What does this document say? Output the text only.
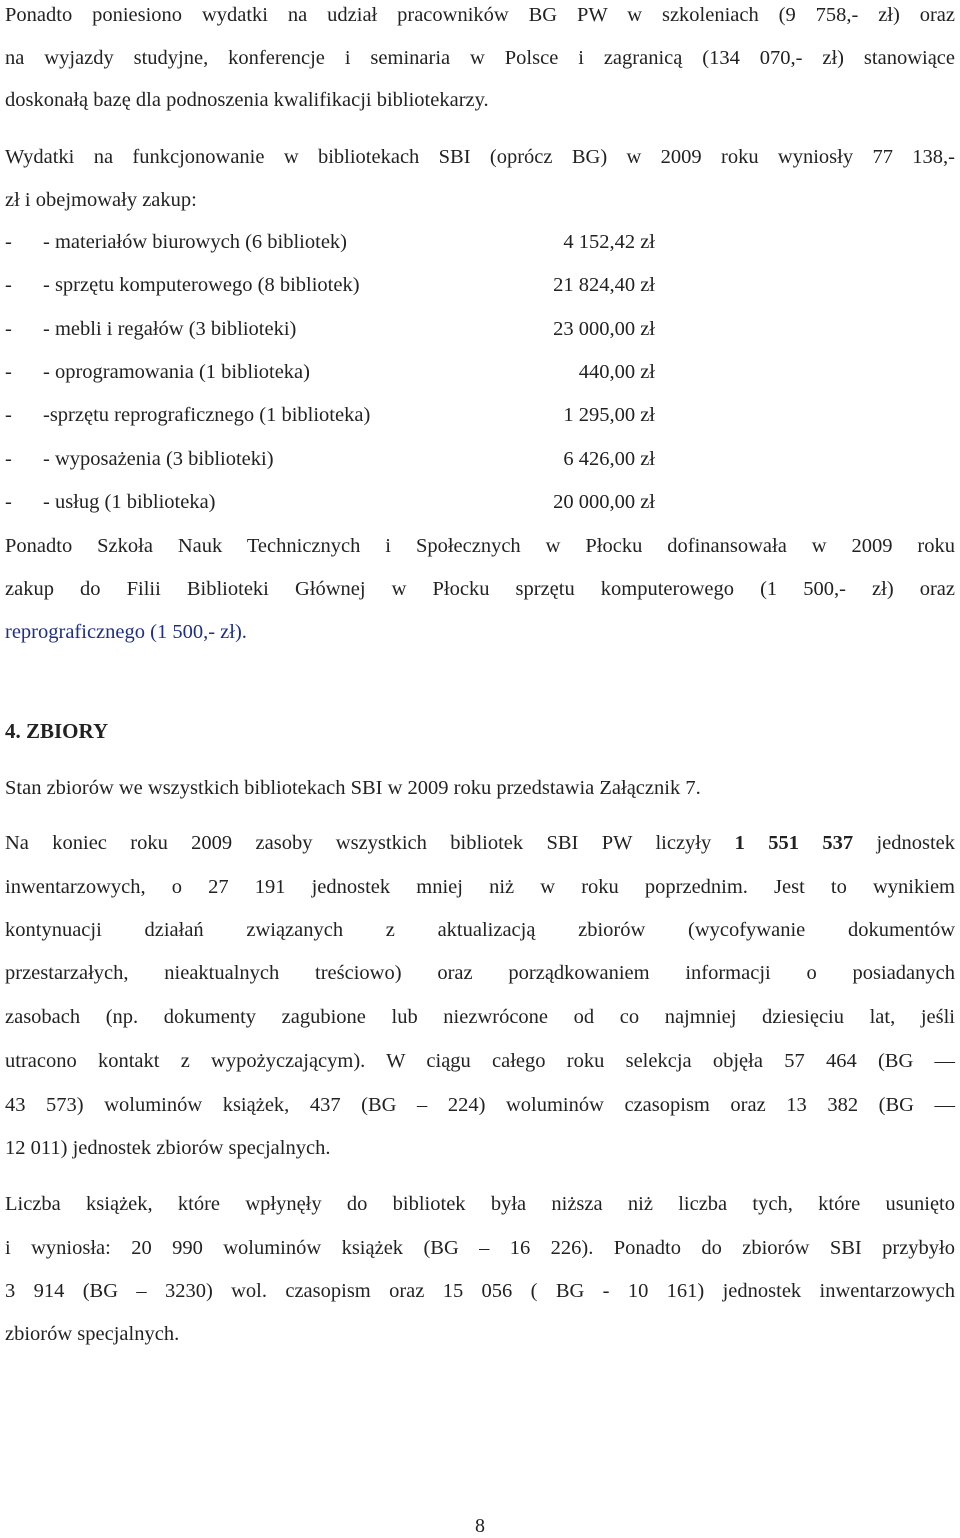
Ponadto poniesiono wydatki na udział pracowników BG PW w szkoleniach (9 758,- zł) oraz
na wyjazdy studyjne, konferencje i seminaria w Polsce i zagranicą (134 070,- zł) stanowiące
doskonałą bazę dla podnoszenia kwalifikacji bibliotekarzy.
Wydatki na funkcjonowanie w bibliotekach SBI (oprócz BG) w 2009 roku wyniosły 77 138,-
zł i obejmowały zakup:
- - materiałów biurowych (6 bibliotek)	4 152,42 zł
- - sprzętu komputerowego (8 bibliotek)	21 824,40 zł
- - mebli i regałów (3 biblioteki)	23 000,00 zł
- - oprogramowania (1 biblioteka)	440,00 zł
- -sprzętu reprograficznego (1 biblioteka)	1 295,00 zł
- - wyposażenia (3 biblioteki)	6 426,00 zł
- - usług (1 biblioteka)	20 000,00 zł
Ponadto Szkoła Nauk Technicznych i Społecznych w Płocku dofinansowała w 2009 roku
zakup do Filii Biblioteki Głównej w Płocku sprzętu komputerowego (1 500,- zł) oraz
reprograficznego (1 500,- zł).
4. ZBIORY
Stan zbiorów we wszystkich bibliotekach SBI w 2009 roku przedstawia Załącznik 7.
Na koniec roku 2009 zasoby wszystkich bibliotek SBI PW liczyły 1 551 537 jednostek
inwentarzowych, o 27 191 jednostek mniej niż w roku poprzednim. Jest to wynikiem
kontynuacji działań związanych z aktualizacją zbiorów (wycofywanie dokumentów
przestarzałych, nieaktualnych treściowo) oraz porządkowaniem informacji o posiadanych
zasobach (np. dokumenty zagubione lub niezwrócone od co najmniej dziesięciu lat, jeśli
utracono kontakt z wypożyczającym). W ciągu całego roku selekcja objęła 57 464 (BG —
43 573) woluminów książek, 437 (BG – 224) woluminów czasopism oraz 13 382 (BG —
12 011) jednostek zbiorów specjalnych.
Liczba książek, które wpłynęły do bibliotek była niższa niż liczba tych, które usunięto
i wyniosła: 20 990 woluminów książek (BG – 16 226). Ponadto do zbiorów SBI przybyło
3 914 (BG – 3230) wol. czasopism oraz 15 056 ( BG - 10 161) jednostek inwentarzowych
zbiorów specjalnych.
8
